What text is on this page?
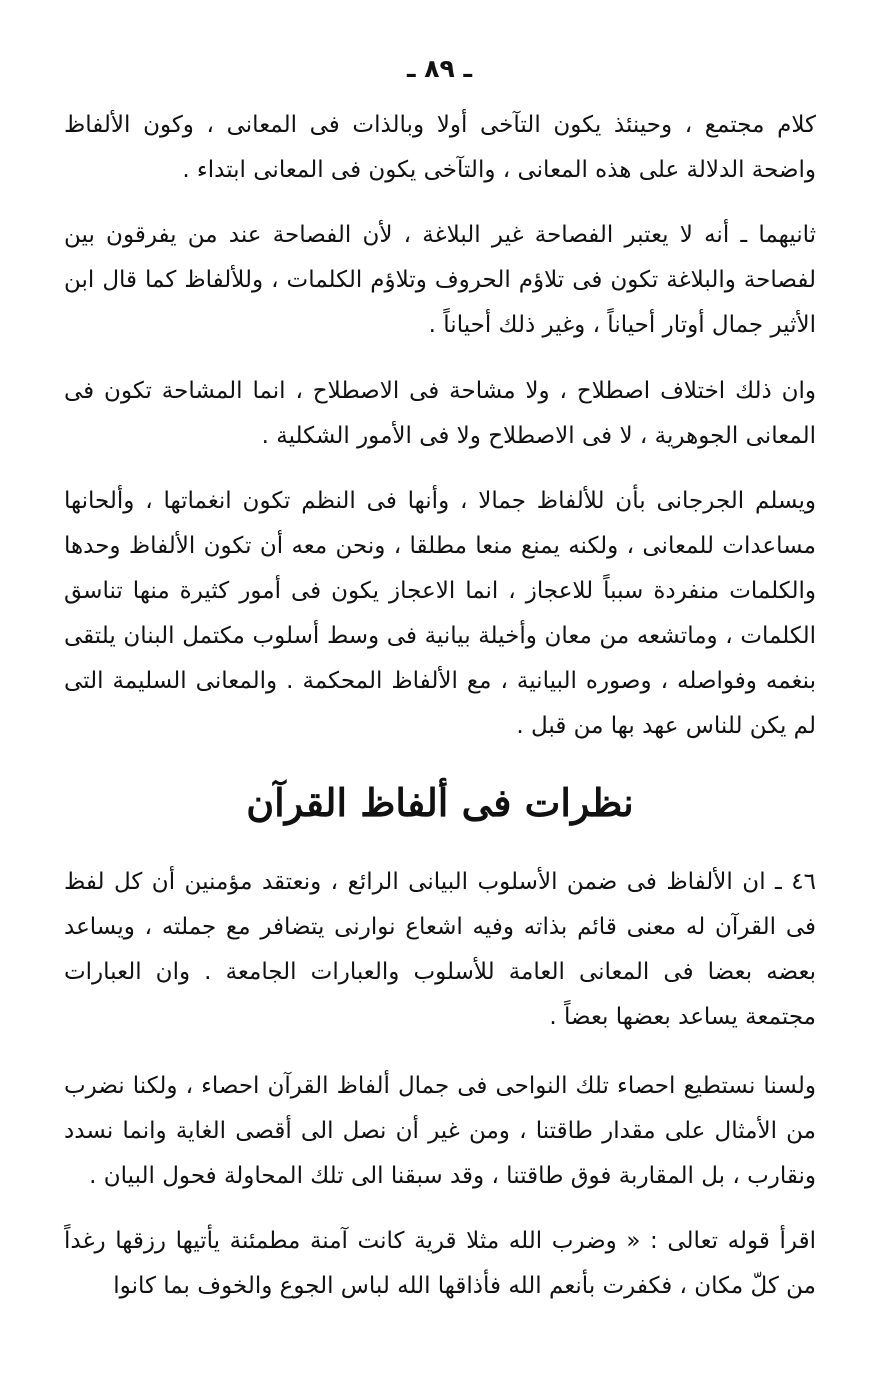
ـ ٨٩ ـ

كلام مجتمع ، وحينئذ يكون التآخى أولا وبالذات فى المعانى ، وكون الألفاظ واضحة الدلالة على هذه المعانى ، والتآخى يكون فى المعانى ابتداء .

ثانيهما ـ أنه لا يعتبر الفصاحة غير البلاغة ، لأن الفصاحة عند من يفرقون بين لفصاحة والبلاغة تكون فى تلاؤم الحروف وتلاؤم الكلمات ، وللألفاظ كما قال ابن الأثير جمال أوتار أحياناً ، وغير ذلك أحياناً .

وان ذلك اختلاف اصطلاح ، ولا مشاحة فى الاصطلاح ، انما المشاحة تكون فى المعانى الجوهرية ، لا فى الاصطلاح ولا فى الأمور الشكلية .

ويسلم الجرجانى بأن للألفاظ جمالا ، وأنها فى النظم تكون انغماتها ، وألحانها مساعدات للمعانى ، ولكنه يمنع منعا مطلقا ، ونحن معه أن تكون الألفاظ وحدها والكلمات منفردة سبباً للاعجاز ، انما الاعجاز يكون فى أمور كثيرة منها تناسق الكلمات ، وماتشعه من معان وأخيلة بيانية فى وسط أسلوب مكتمل البنان يلتقى بنغمه وفواصله ، وصوره البيانية ، مع الألفاظ المحكمة . والمعانى السليمة التى لم يكن للناس عهد بها من قبل .

نظرات فى ألفاظ القرآن

٤٦ ـ ان الألفاظ فى ضمن الأسلوب البيانى الرائع ، ونعتقد مؤمنين أن كل لفظ فى القرآن له معنى قائم بذاته وفيه اشعاع نوارنى يتضافر مع جملته ، ويساعد بعضه بعضا فى المعانى العامة للأسلوب والعبارات الجامعة . وان العبارات مجتمعة يساعد بعضها بعضاً .

ولسنا نستطيع احصاء تلك النواحى فى جمال ألفاظ القرآن احصاء ، ولكنا نضرب من الأمثال على مقدار طاقتنا ، ومن غير أن نصل الى أقصى الغاية وانما نسدد ونقارب ، بل المقاربة فوق طاقتنا ، وقد سبقنا الى تلك المحاولة فحول البيان .

اقرأ قوله تعالى : « وضرب الله مثلا قرية كانت آمنة مطمئنة يأتيها رزقها رغداً من كلّ مكان ، فكفرت بأنعم الله فأذاقها الله لباس الجوع والخوف بما كانوا
